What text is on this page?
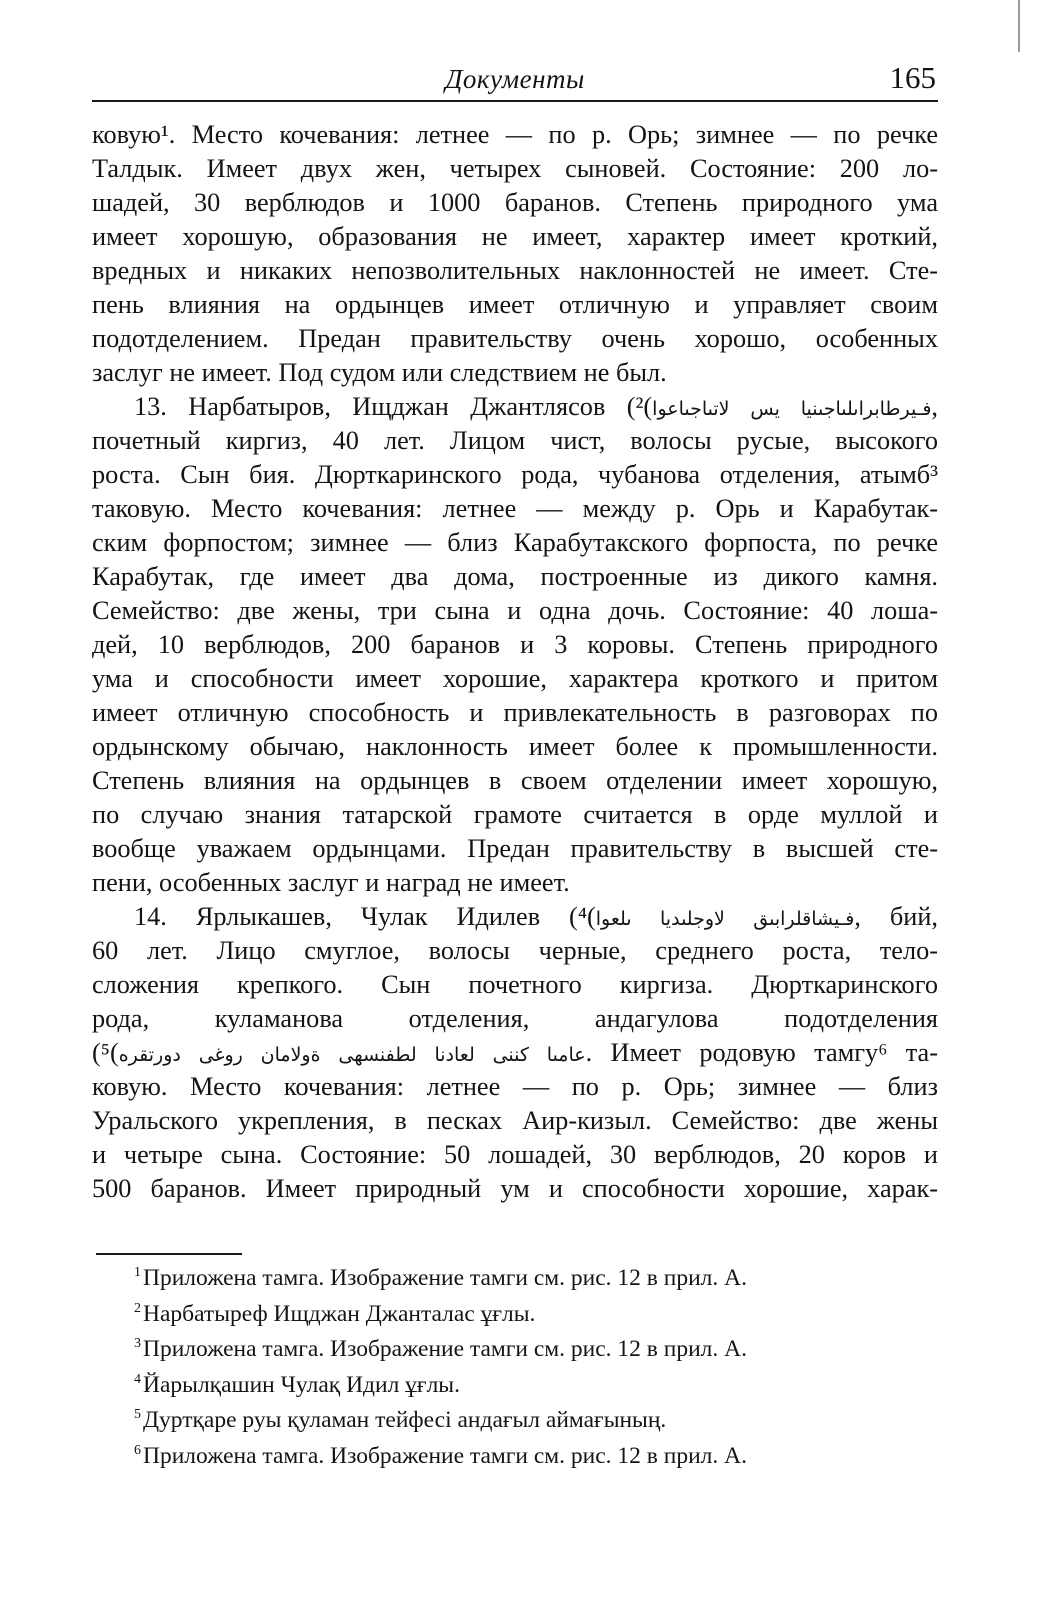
Документы	165
ковую¹. Место кочевания: летнее — по р. Орь; зимнее — по речке
Талдык. Имеет двух жен, четырех сыновей. Состояние: 200 ло-
шадей, 30 верблюдов и 1000 баранов. Степень природного ума
имеет хорошую, образования не имеет, характер имеет кроткий,
вредных и никаких непозволительных наклонностей не имеет. Сте-
пень влияния на ордынцев имеет отличную и управляет своим
подотделением. Предан правительству очень хорошо, особенных
заслуг не имеет. Под судом или следствием не был.
13. Нарбатыров, Ищджан Джантлясов ( فـيرطابراىلىاجىنيا يس لاتىاجىاعوا)²,
почетный киргиз, 40 лет. Лицом чист, волосы русые, высокого
роста. Сын бия. Дюрткаринского рода, чубанова отделения, атымб³
таковую. Место кочевания: летнее — между р. Орь и Карабутак-
ским форпостом; зимнее — близ Карабутакского форпоста, по речке
Карабутак, где имеет два дома, построенные из дикого камня.
Семейство: две жены, три сына и одна дочь. Состояние: 40 лоша-
дей, 10 верблюдов, 200 баранов и 3 коровы. Степень природного
ума и способности имеет хорошие, характера кроткого и притом
имеет отличную способность и привлекательность в разговорах по
ордынскому обычаю, наклонность имеет более к промышленности.
Степень влияния на ордынцев в своем отделении имеет хорошую,
по случаю знания татарской грамоте считается в орде муллой и
вообще уважаем ордынцами. Предан правительству в высшей сте-
пени, особенных заслуг и наград не имеет.
14. Ярлыкашев, Чулак Идилев ( فـيشاقلرابىق لاوجلىدیا ىلعوا)⁴, бий,
60 лет. Лицо смуглое, волосы черные, среднего роста, тело-
сложения крепкого. Сын почетного киргиза. Дюрткаринского
рода, куламанова отделения, андагулова подотделения
( عامىا كننى لعادنا لطفنسهى ةولامان روغى دورتقره)⁵. Имеет родовую тамгу⁶ та-
ковую. Место кочевания: летнее — по р. Орь; зимнее — близ
Уральского укрепления, в песках Аир-кизыл. Семейство: две жены
и четыре сына. Состояние: 50 лошадей, 30 верблюдов, 20 коров и
500 баранов. Имеет природный ум и способности хорошие, харак-
$^1$Приложена тамга. Изображение тамги см. рис. 12 в прил. А.
$^2$Нарбатыреф Ищджан Джанталас ұғлы.
$^3$Приложена тамга. Изображение тамги см. рис. 12 в прил. А.
$^4$Йарылқашин Чулақ Идил ұғлы.
$^5$Дуртқаре руы қуламан тейфесі андағыл аймағының.
$^6$Приложена тамга. Изображение тамги см. рис. 12 в прил. А.
